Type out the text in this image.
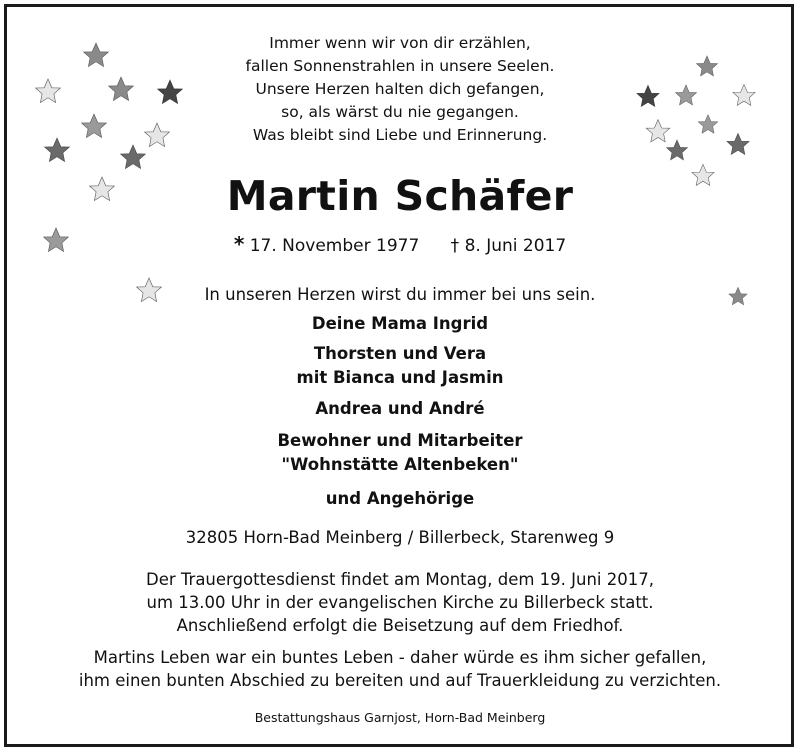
Immer wenn wir von dir erzählen,
fallen Sonnenstrahlen in unsere Seelen.
Unsere Herzen halten dich gefangen,
so, als wärst du nie gegangen.
Was bleibt sind Liebe und Erinnerung.
Martin Schäfer
* 17. November 1977 † 8. Juni 2017
In unseren Herzen wirst du immer bei uns sein.
Deine Mama Ingrid
Thorsten und Vera
mit Bianca und Jasmin
Andrea und André
Bewohner und Mitarbeiter
"Wohnstätte Altenbeken"
und Angehörige
32805 Horn-Bad Meinberg / Billerbeck, Starenweg 9
Der Trauergottesdienst findet am Montag, dem 19. Juni 2017,
um 13.00 Uhr in der evangelischen Kirche zu Billerbeck statt.
Anschließend erfolgt die Beisetzung auf dem Friedhof.
Martins Leben war ein buntes Leben - daher würde es ihm sicher gefallen,
ihm einen bunten Abschied zu bereiten und auf Trauerkleidung zu verzichten.
Bestattungshaus Garnjost, Horn-Bad Meinberg
